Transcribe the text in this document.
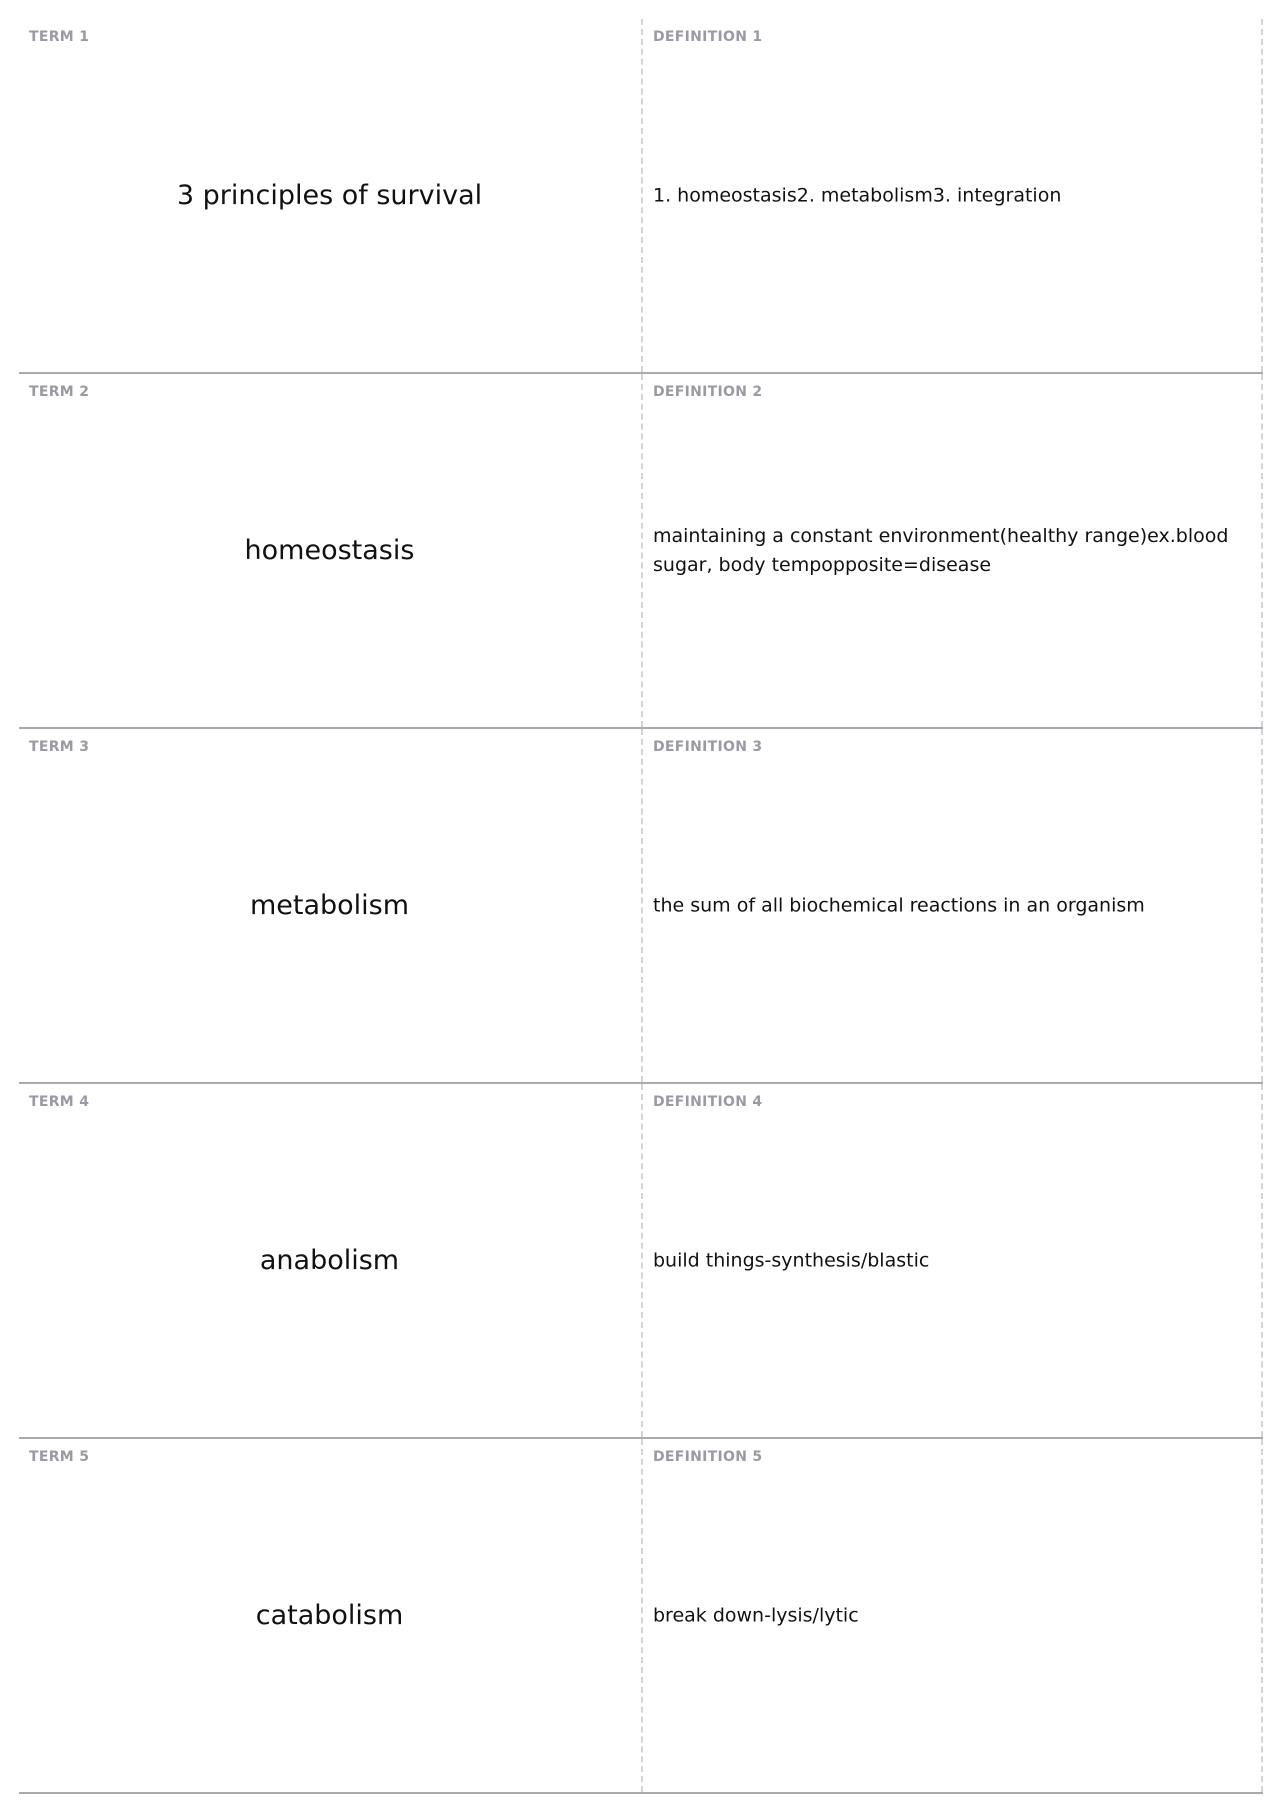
TERM 1
3 principles of survival
DEFINITION 1
1. homeostasis2. metabolism3. integration
TERM 2
homeostasis
DEFINITION 2
maintaining a constant environment(healthy range)ex.blood sugar, body tempopposite=disease
TERM 3
metabolism
DEFINITION 3
the sum of all biochemical reactions in an organism
TERM 4
anabolism
DEFINITION 4
build things-synthesis/blastic
TERM 5
catabolism
DEFINITION 5
break down-lysis/lytic
